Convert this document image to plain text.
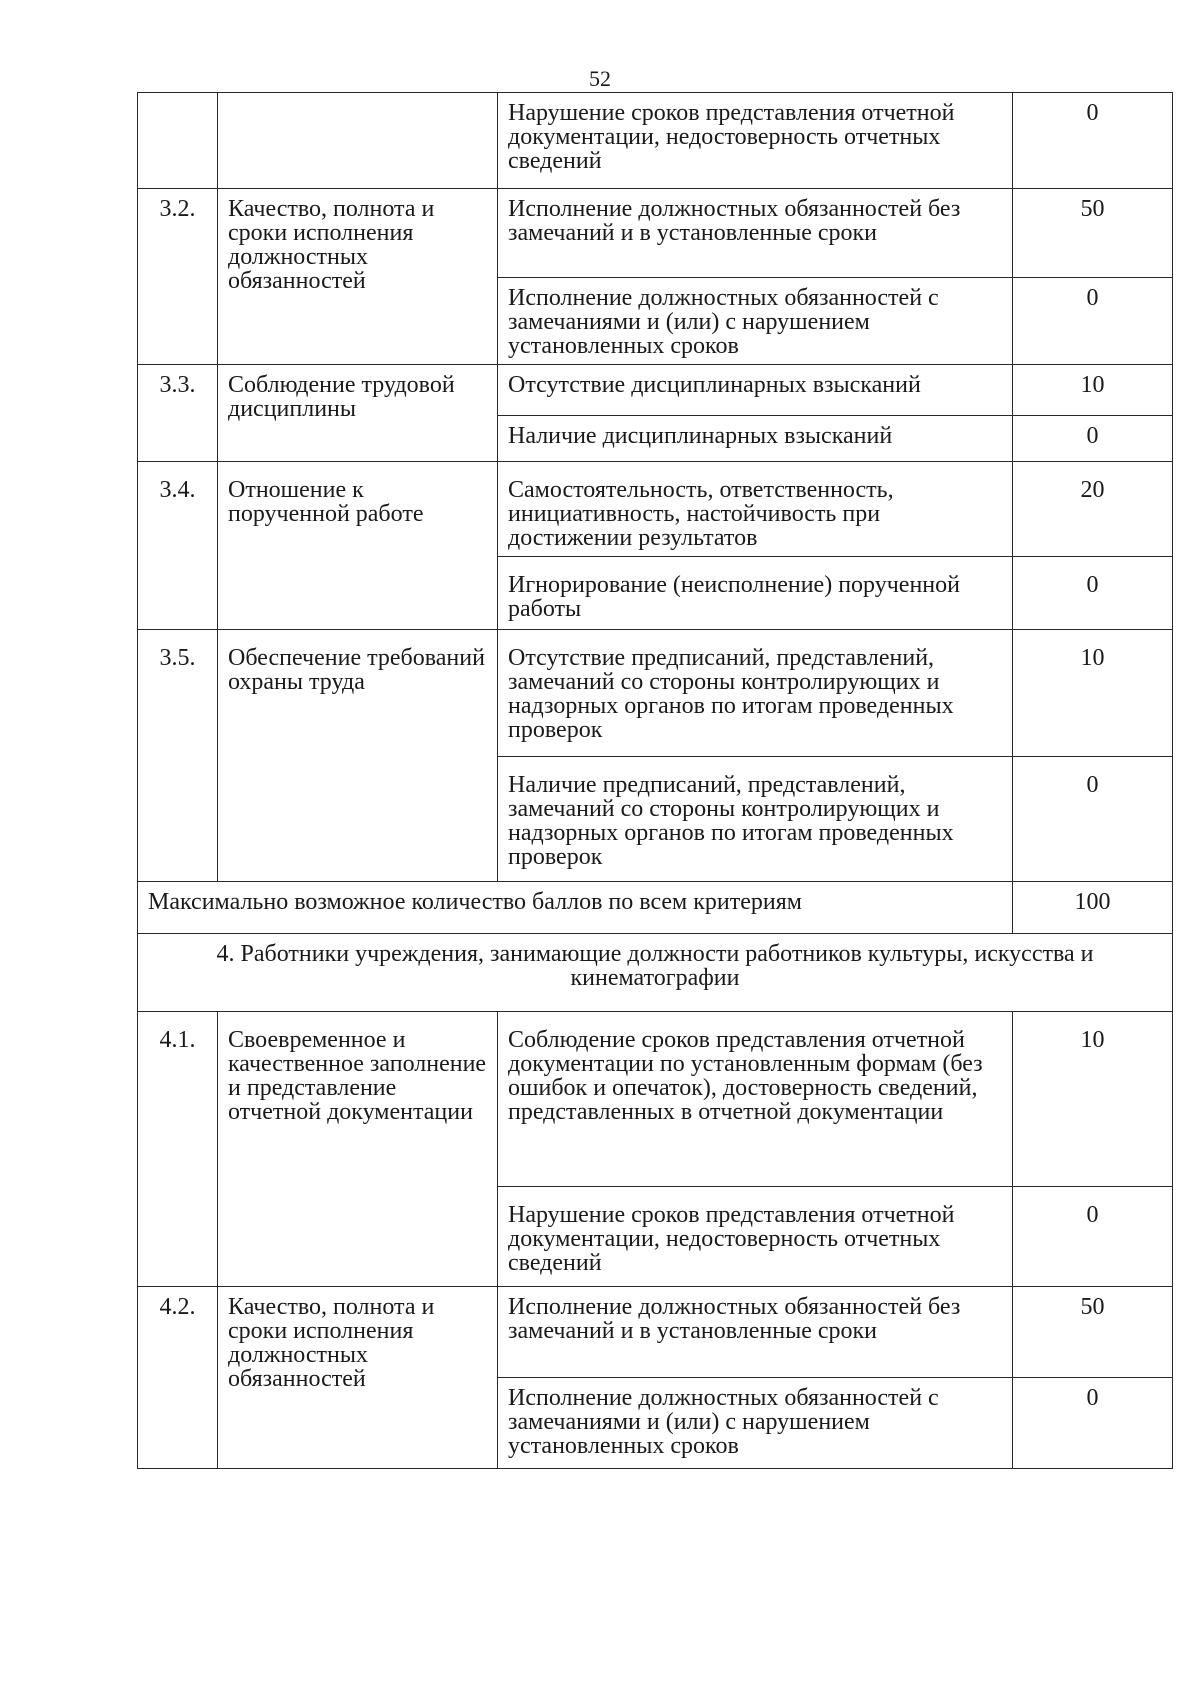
52
		Нарушение сроков представления отчетной документации, недостоверность отчетных сведений	0
3.2.	Качество, полнота и сроки исполнения должностных обязанностей	Исполнение должностных обязанностей без замечаний и в установленные сроки	50
		Исполнение должностных обязанностей с замечаниями и (или) с нарушением установленных сроков	0
3.3.	Соблюдение трудовой дисциплины	Отсутствие дисциплинарных взысканий	10
		Наличие дисциплинарных взысканий	0
3.4.	Отношение к порученной работе	Самостоятельность, ответственность, инициативность, настойчивость при достижении результатов	20
		Игнорирование (неисполнение) порученной работы	0
3.5.	Обеспечение требований охраны труда	Отсутствие предписаний, представлений, замечаний со стороны контролирующих и надзорных органов по итогам проведенных проверок	10
		Наличие предписаний, представлений, замечаний со стороны контролирующих и надзорных органов по итогам проведенных проверок	0
Максимально возможное количество баллов по всем критериям			100
4. Работники учреждения, занимающие должности работников культуры, искусства и кинематографии			
4.1.	Своевременное и качественное заполнение и представление отчетной документации	Соблюдение сроков представления отчетной документации по установленным формам (без ошибок и опечаток), достоверность сведений, представленных в отчетной документации	10
		Нарушение сроков представления отчетной документации, недостоверность отчетных сведений	0
4.2.	Качество, полнота и сроки исполнения должностных обязанностей	Исполнение должностных обязанностей без замечаний и в установленные сроки	50
		Исполнение должностных обязанностей с замечаниями и (или) с нарушением установленных сроков	0
